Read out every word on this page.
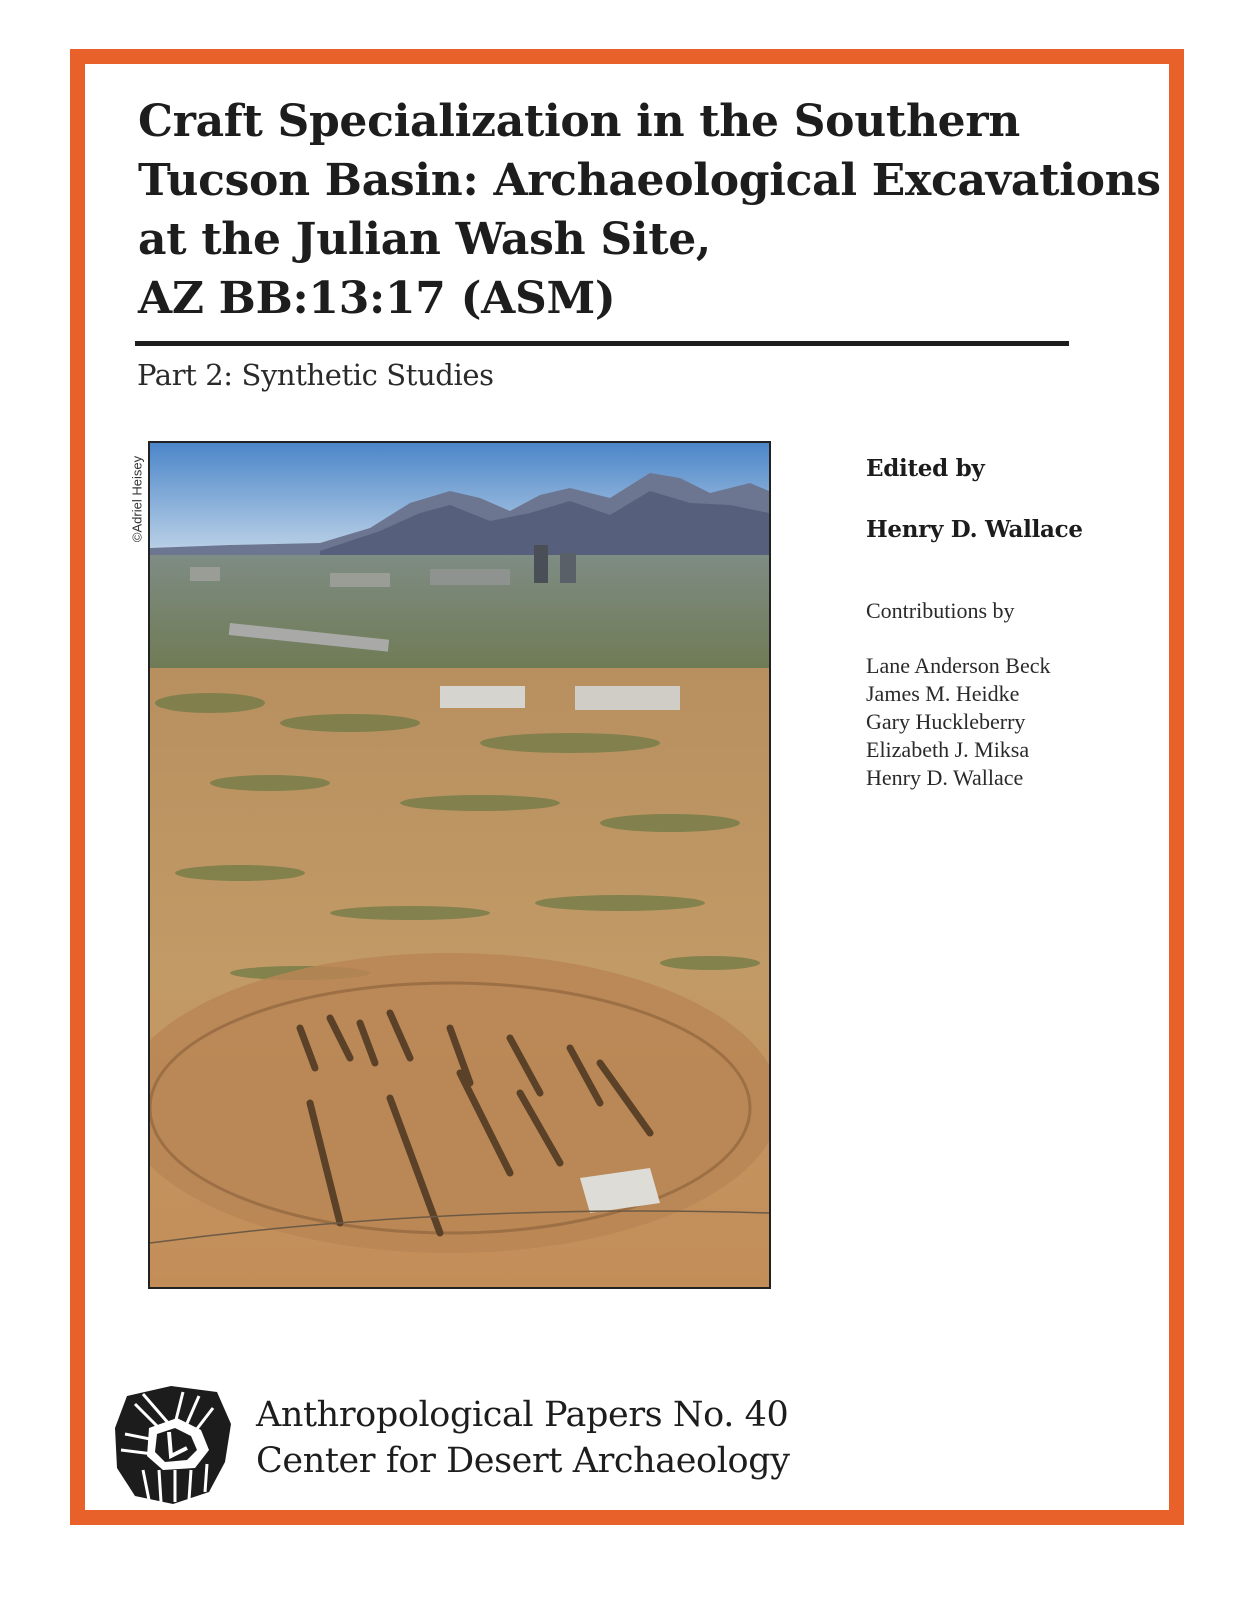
Craft Specialization in the Southern
Tucson Basin: Archaeological Excavations
at the Julian Wash Site,
AZ BB:13:17 (ASM)
Part 2: Synthetic Studies
©Adriel Heisey	Edited by
Henry D. Wallace
Contributions by
Lane Anderson Beck
James M. Heidke
Gary Huckleberry
Elizabeth J. Miksa
Henry D. Wallace
Anthropological Papers No. 40
Center for Desert Archaeology
